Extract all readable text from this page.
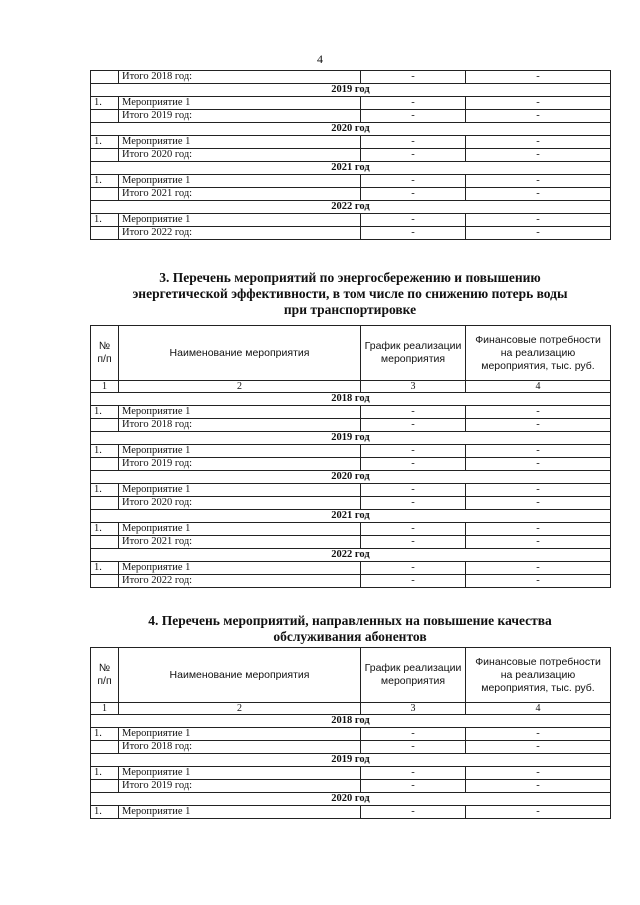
4
	Итого 2018 год:	-	-
2019 год			
1.	Мероприятие 1	-	-
	Итого 2019 год:	-	-
2020 год			
1.	Мероприятие 1	-	-
	Итого 2020 год:	-	-
2021 год			
1.	Мероприятие 1	-	-
	Итого 2021 год:	-	-
2022 год			
1.	Мероприятие 1	-	-
	Итого 2022 год:	-	-
3. Перечень мероприятий по энергосбережению и повышению
энергетической эффективности, в том числе по снижению потерь воды
при транспортировке
№ п/п	Наименование мероприятия	График реализации мероприятия	Финансовые потребности на реализацию мероприятия, тыс. руб.
1	2	3	4
2018 год			
1.	Мероприятие 1	-	-
	Итого 2018 год:	-	-
2019 год			
1.	Мероприятие 1	-	-
	Итого 2019 год:	-	-
2020 год			
1.	Мероприятие 1	-	-
	Итого 2020 год:	-	-
2021 год			
1.	Мероприятие 1	-	-
	Итого 2021 год:	-	-
2022 год			
1.	Мероприятие 1	-	-
	Итого 2022 год:	-	-
4. Перечень мероприятий, направленных на повышение качества
обслуживания абонентов
№ п/п	Наименование мероприятия	График реализации мероприятия	Финансовые потребности на реализацию мероприятия, тыс. руб.
1	2	3	4
2018 год			
1.	Мероприятие 1	-	-
	Итого 2018 год:	-	-
2019 год			
1.	Мероприятие 1	-	-
	Итого 2019 год:	-	-
2020 год			
1.	Мероприятие 1	-	-
